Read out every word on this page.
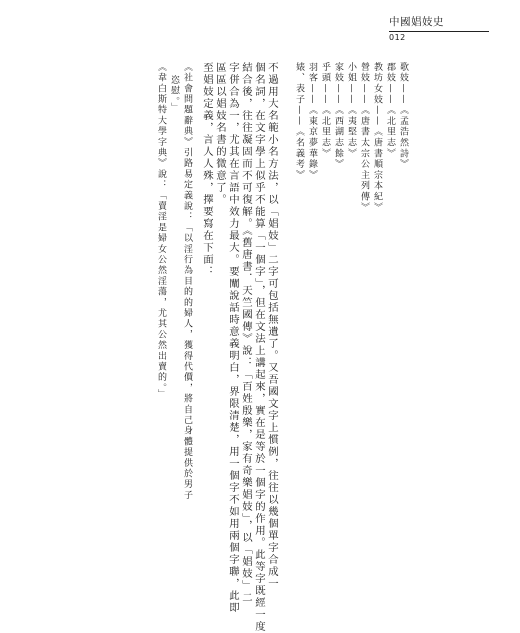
中國娼妓史
012
歌妓——《孟浩然詩》
郡妓——《北里志》
教坊女妓——《唐書順宗本紀》
營妓——《唐書太宗公主列傳》
小姐——《夷堅志》
家妓——《西湖志餘》
乎頭——《北里志》
羽客——《東京夢華錄》
婊、表子——《名義考》
不過用大名範小名方法，以「娼妓」二字可包括無遺了。又吾國文字上慣例，往往以幾個單字合成一
個名詞，在文字學上似乎不能算「一個字」，但在文法上講起來，實在是等於一個字的作用。此等字既經一度
結合後，往往凝固而不可復解。《舊唐書．天竺國傳》說：「百姓殷樂，家有奇樂娼妓」，以「娼妓」二
字併合為一，尤其在言語中效力最大。要闡說話時意義明白，界限清楚，用一個字不如用兩個字聯，此即
區區以娼妓名書的微意了。
至娼妓定義，言人人殊，擇要寫在下面：
《社會問題辭典》引路易定義說：「以淫行為目的的婦人，獲得代價，將自己身體提供於男子
恣慰。」
《韋白斯特大學字典》說：「賣淫是婦女公然淫蕩，尤其公然出賣的。」
